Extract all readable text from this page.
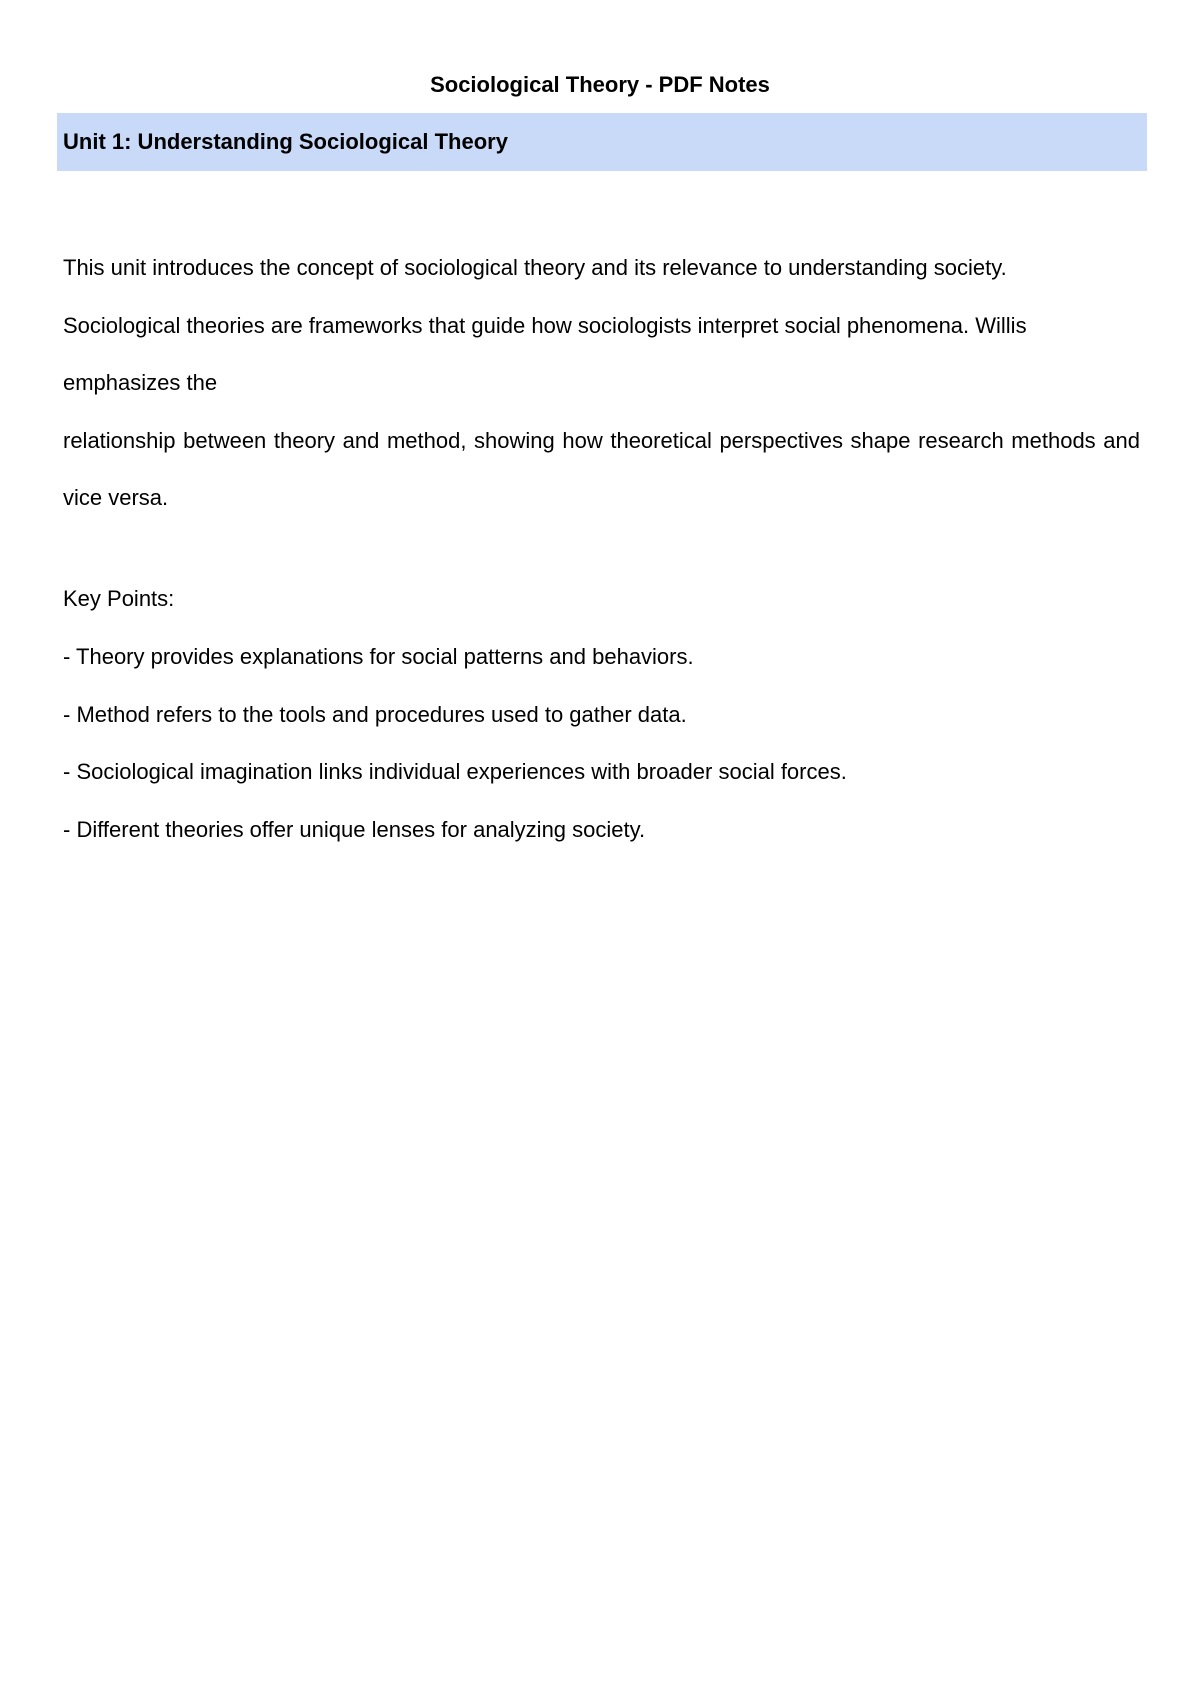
Sociological Theory - PDF Notes
Unit 1: Understanding Sociological Theory
This unit introduces the concept of sociological theory and its relevance to understanding society.
Sociological theories are frameworks that guide how sociologists interpret social phenomena. Willis
emphasizes the

relationship between theory and method, showing how theoretical perspectives shape research methods and vice versa.

Key Points:

- Theory provides explanations for social patterns and behaviors.
- Method refers to the tools and procedures used to gather data.
- Sociological imagination links individual experiences with broader social forces.
- Different theories offer unique lenses for analyzing society.
